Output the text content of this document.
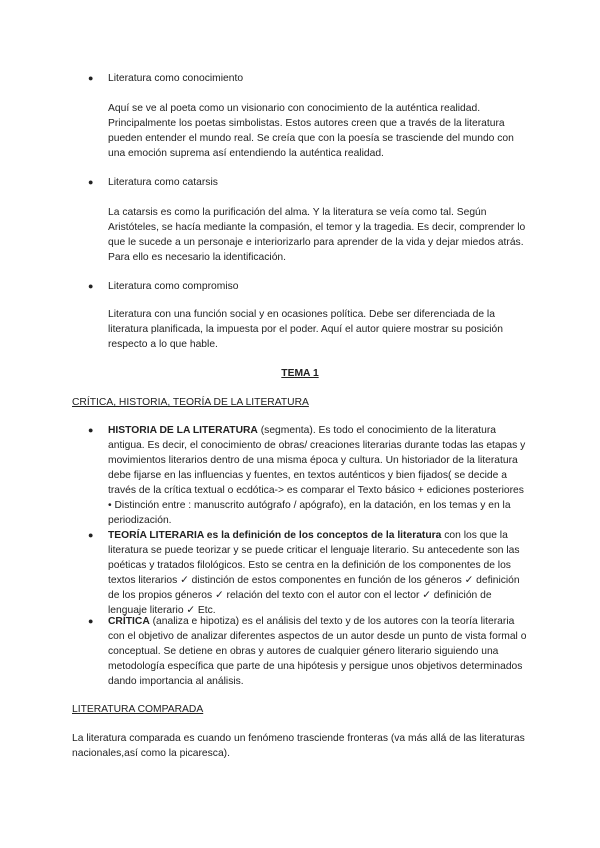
●	Literatura como conocimiento

Aquí se ve al poeta como un visionario con conocimiento de la auténtica realidad. Principalmente los poetas simbolistas. Estos autores creen que a través de la literatura pueden entender el mundo real. Se creía que con la poesía se trasciende del mundo con una emoción suprema así entendiendo la auténtica realidad.

●	Literatura como catarsis

La catarsis es como la purificación del alma. Y la literatura se veía como tal. Según Aristóteles, se hacía mediante la compasión, el temor y la tragedia. Es decir, comprender lo que le sucede a un personaje e interiorizarlo para aprender de la vida y dejar miedos atrás. Para ello es necesario la identificación.

●	Literatura como compromiso

Literatura con una función social y en ocasiones política. Debe ser diferenciada de la literatura planificada, la impuesta por el poder. Aquí el autor quiere mostrar su posición respecto a lo que hable.

TEMA 1
CRÍTICA, HISTORIA, TEORÍA DE LA LITERATURA
●	HISTORIA DE LA LITERATURA (segmenta). Es todo el conocimiento de la literatura antigua. Es decir, el conocimiento de obras/ creaciones literarias durante todas las etapas y movimientos literarios dentro de una misma época y cultura. Un historiador de la literatura debe fijarse en las influencias y fuentes, en textos auténticos y bien fijados( se decide a través de la crítica textual o ecdótica-> es comparar el Texto básico + ediciones posteriores • Distinción entre : manuscrito autógrafo / apógrafo), en la datación, en los temas y en la periodización.
●	TEORÍA LITERARIA es la definición de los conceptos de la literatura con los que la literatura se puede teorizar y se puede criticar el lenguaje literario. Su antecedente son las poéticas y tratados filológicos. Esto se centra en la definición de los componentes de los textos literarios ✓ distinción de estos componentes en función de los géneros ✓ definición de los propios géneros ✓ relación del texto con el autor con el lector ✓ definición de lenguaje literario ✓ Etc.
●	CRÍTICA (analiza e hipotiza) es el análisis del texto y de los autores con la teoría literaria con el objetivo de analizar diferentes aspectos de un autor desde un punto de vista formal o conceptual. Se detiene en obras y autores de cualquier género literario siguiendo una metodología específica que parte de una hipótesis y persigue unos objetivos determinados dando importancia al análisis.
LITERATURA COMPARADA

La literatura comparada es cuando un fenómeno trasciende fronteras (va más allá de las literaturas nacionales,así como la picaresca).
